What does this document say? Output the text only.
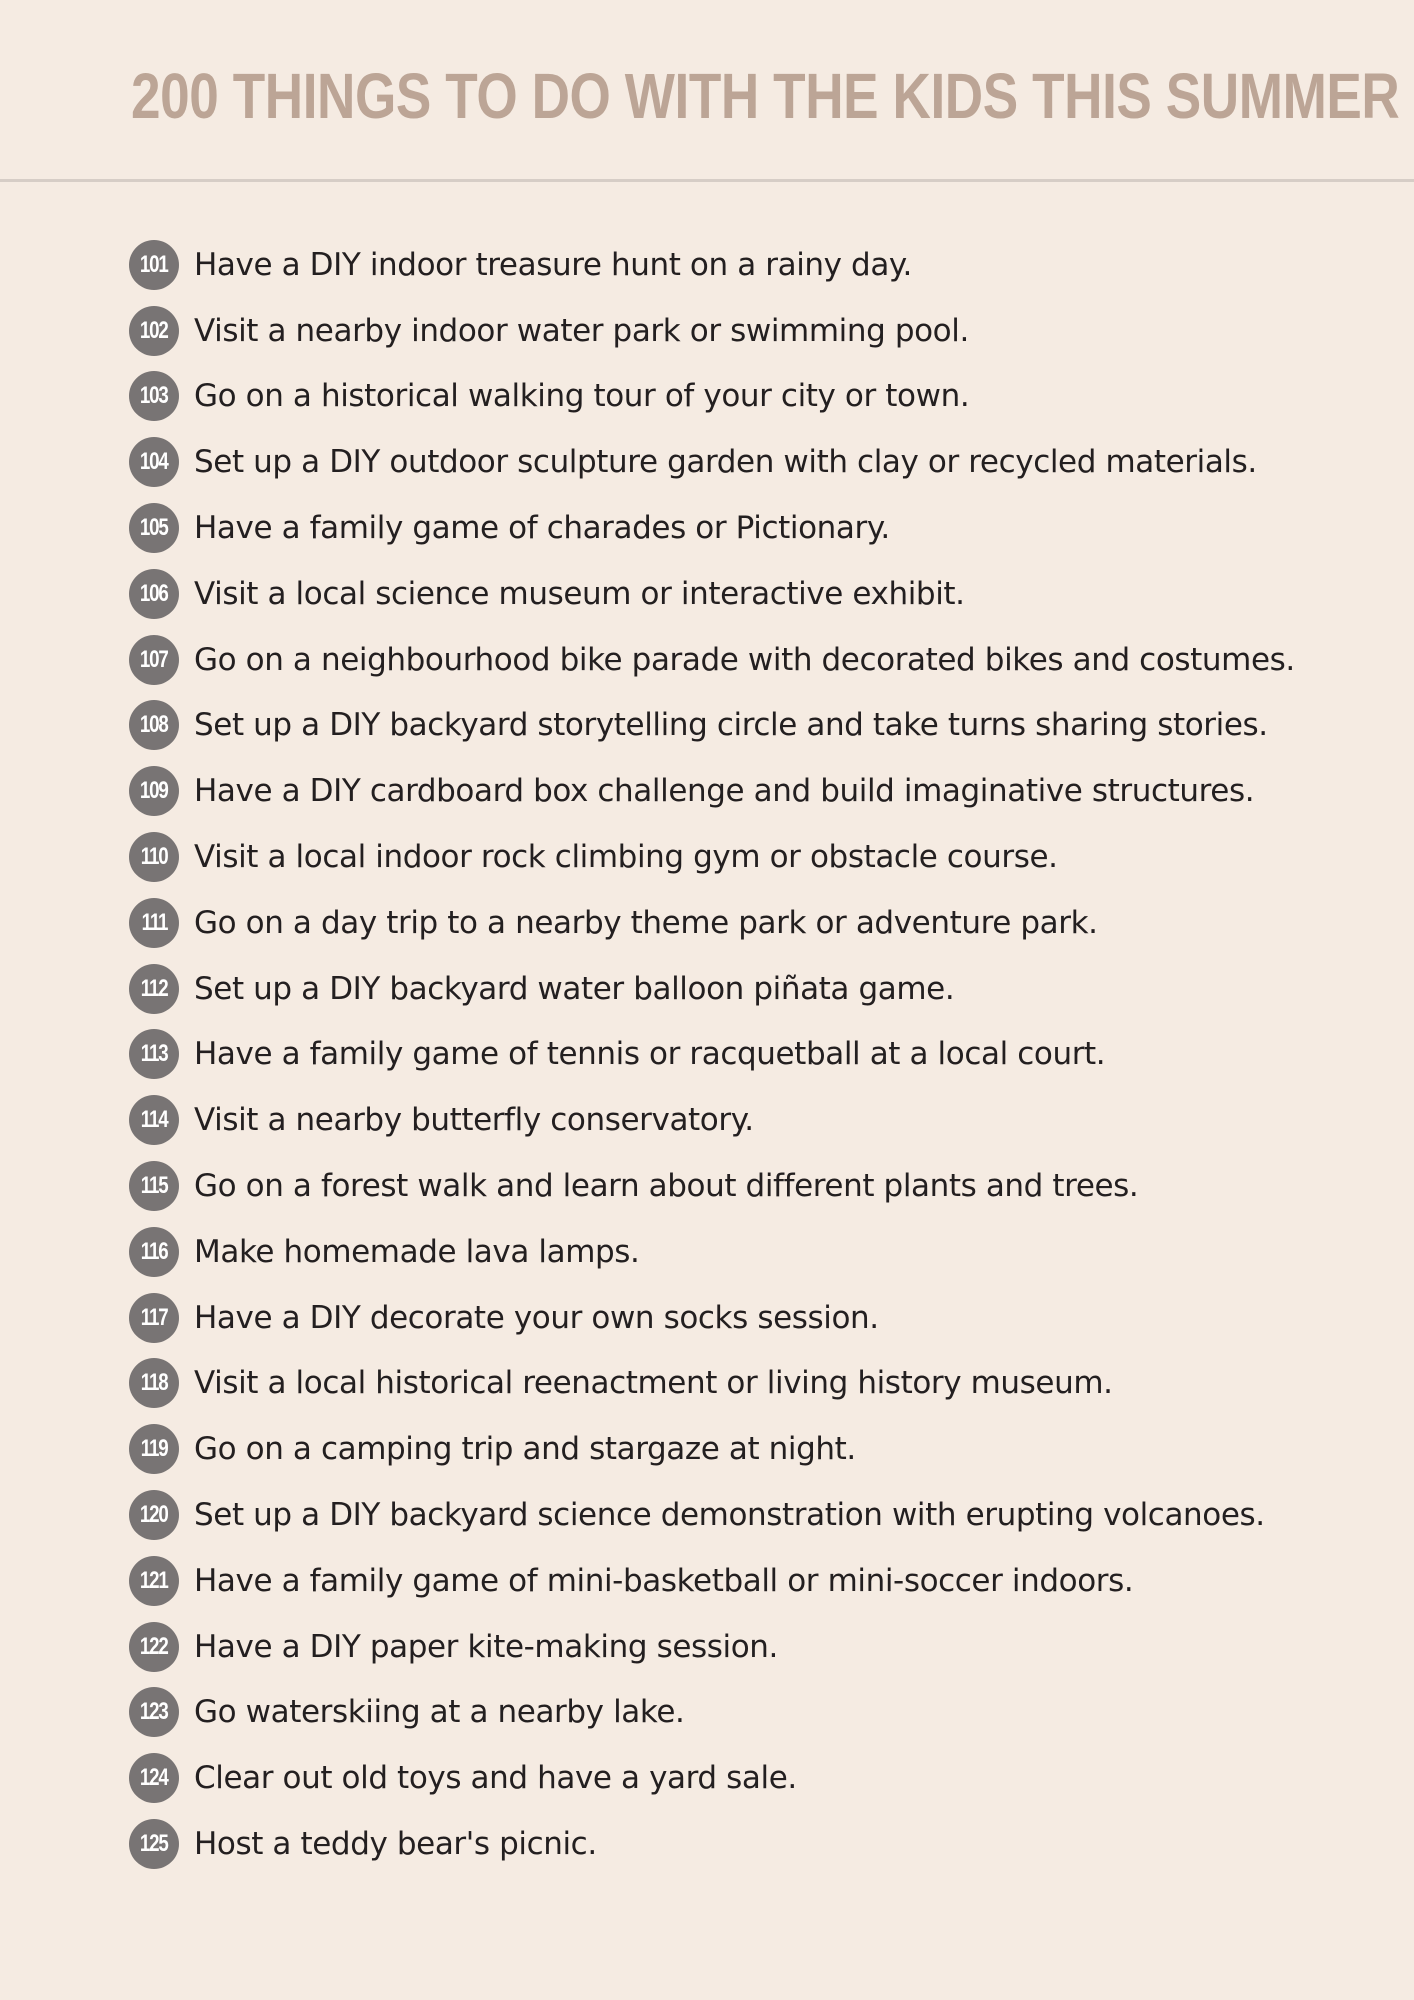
200 THINGS TO DO WITH THE KIDS THIS SUMMER
101 Have a DIY indoor treasure hunt on a rainy day.
102 Visit a nearby indoor water park or swimming pool.
103 Go on a historical walking tour of your city or town.
104 Set up a DIY outdoor sculpture garden with clay or recycled materials.
105 Have a family game of charades or Pictionary.
106 Visit a local science museum or interactive exhibit.
107 Go on a neighbourhood bike parade with decorated bikes and costumes.
108 Set up a DIY backyard storytelling circle and take turns sharing stories.
109 Have a DIY cardboard box challenge and build imaginative structures.
110 Visit a local indoor rock climbing gym or obstacle course.
111 Go on a day trip to a nearby theme park or adventure park.
112 Set up a DIY backyard water balloon piñata game.
113 Have a family game of tennis or racquetball at a local court.
114 Visit a nearby butterfly conservatory.
115 Go on a forest walk and learn about different plants and trees.
116 Make homemade lava lamps.
117 Have a DIY decorate your own socks session.
118 Visit a local historical reenactment or living history museum.
119 Go on a camping trip and stargaze at night.
120 Set up a DIY backyard science demonstration with erupting volcanoes.
121 Have a family game of mini-basketball or mini-soccer indoors.
122 Have a DIY paper kite-making session.
123 Go waterskiing at a nearby lake.
124 Clear out old toys and have a yard sale.
125 Host a teddy bear's picnic.
